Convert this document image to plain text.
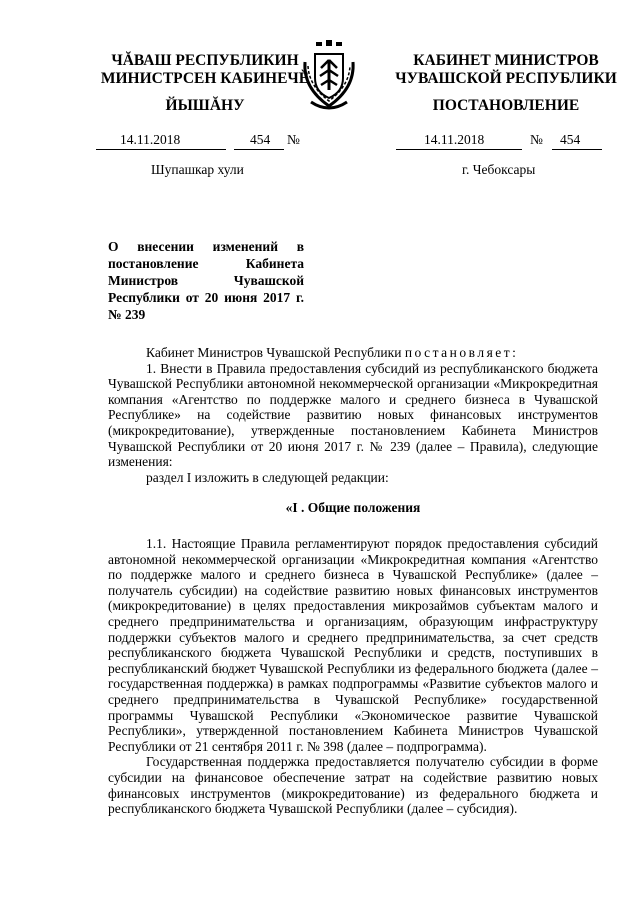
ЧĂВАШ РЕСПУБЛИКИН
МИНИСТРСЕН КАБИНЕЧĔ
ЙЫШĂНУ
КАБИНЕТ МИНИСТРОВ
ЧУВАШСКОЙ РЕСПУБЛИКИ
ПОСТАНОВЛЕНИЕ
14.11.2018	454 №	14.11.2018	№ 454
Шупашкар хули	г. Чебоксары
О внесении изменений в постановление Кабинета Министров Чувашской Республики от 20 июня 2017 г. № 239

Кабинет Министров Чувашской Республики постановляет:

1. Внести в Правила предоставления субсидий из республиканского бюджета Чувашской Республики автономной некоммерческой организации «Микрокредитная компания «Агентство по поддержке малого и среднего бизнеса в Чувашской Республике» на содействие развитию новых финансовых инструментов (микрокредитование), утвержденные постановлением Кабинета Министров Чувашской Республики от 20 июня 2017 г. № 239 (далее – Правила), следующие изменения:

раздел I изложить в следующей редакции:

«I . Общие положения

1.1. Настоящие Правила регламентируют порядок предоставления субсидий автономной некоммерческой организации «Микрокредитная компания «Агентство по поддержке малого и среднего бизнеса в Чувашской Республике» (далее – получатель субсидии) на содействие развитию новых финансовых инструментов (микрокредитование) в целях предоставления микрозаймов субъектам малого и среднего предпринимательства и организациям, образующим инфраструктуру поддержки субъектов малого и среднего предпринимательства, за счет средств республиканского бюджета Чувашской Республики и средств, поступивших в республиканский бюджет Чувашской Республики из федерального бюджета (далее – государственная поддержка) в рамках подпрограммы «Развитие субъектов малого и среднего предпринимательства в Чувашской Республике» государственной программы Чувашской Республики «Экономическое развитие Чувашской Республики», утвержденной постановлением Кабинета Министров Чувашской Республики от 21 сентября 2011 г. № 398 (далее – подпрограмма).

Государственная поддержка предоставляется получателю субсидии в форме субсидии на финансовое обеспечение затрат на содействие развитию новых финансовых инструментов (микрокредитование) из федерального бюджета и республиканского бюджета Чувашской Республики (далее – субсидия).
